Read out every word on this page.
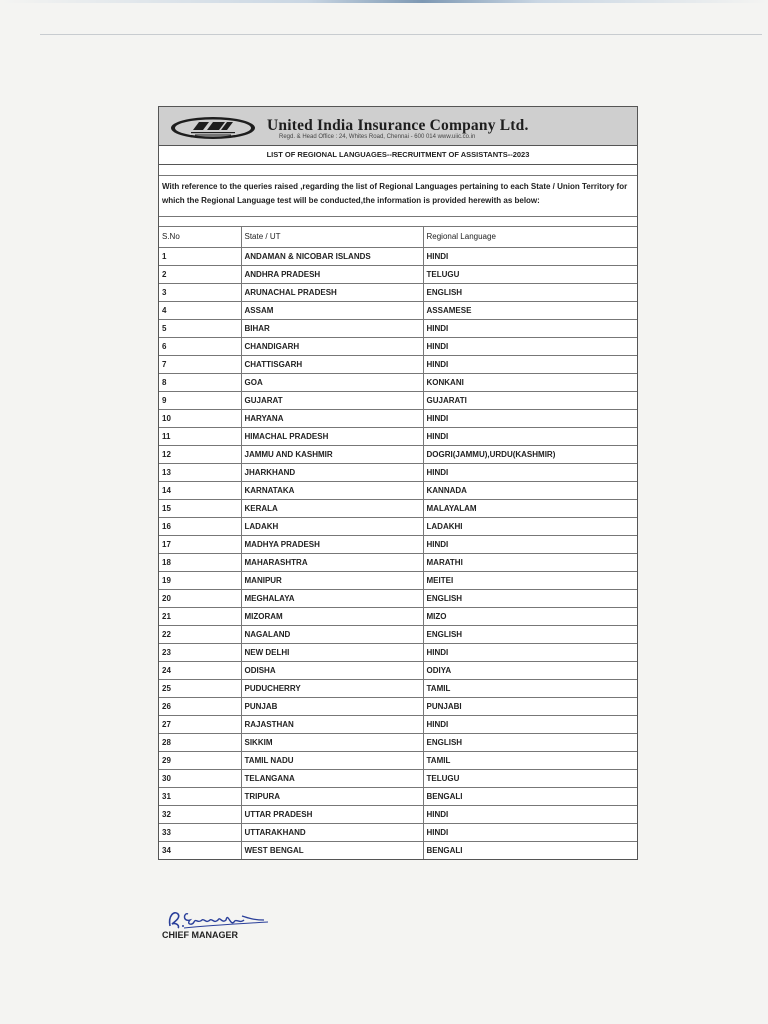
United India Insurance Company Ltd.
Regd. & Head Office : 24, Whites Road, Chennai - 600 014 www.uiic.co.in
LIST OF REGIONAL LANGUAGES--RECRUITMENT OF ASSISTANTS--2023
With reference to the queries raised ,regarding the list of Regional Languages pertaining to each State / Union Territory for which the Regional Language test will be conducted,the information is provided herewith as below:
S.No	State / UT	Regional Language
1	ANDAMAN & NICOBAR ISLANDS	HINDI
2	ANDHRA PRADESH	TELUGU
3	ARUNACHAL PRADESH	ENGLISH
4	ASSAM	ASSAMESE
5	BIHAR	HINDI
6	CHANDIGARH	HINDI
7	CHATTISGARH	HINDI
8	GOA	KONKANI
9	GUJARAT	GUJARATI
10	HARYANA	HINDI
11	HIMACHAL PRADESH	HINDI
12	JAMMU AND KASHMIR	DOGRI(JAMMU),URDU(KASHMIR)
13	JHARKHAND	HINDI
14	KARNATAKA	KANNADA
15	KERALA	MALAYALAM
16	LADAKH	LADAKHI
17	MADHYA PRADESH	HINDI
18	MAHARASHTRA	MARATHI
19	MANIPUR	MEITEI
20	MEGHALAYA	ENGLISH
21	MIZORAM	MIZO
22	NAGALAND	ENGLISH
23	NEW DELHI	HINDI
24	ODISHA	ODIYA
25	PUDUCHERRY	TAMIL
26	PUNJAB	PUNJABI
27	RAJASTHAN	HINDI
28	SIKKIM	ENGLISH
29	TAMIL NADU	TAMIL
30	TELANGANA	TELUGU
31	TRIPURA	BENGALI
32	UTTAR PRADESH	HINDI
33	UTTARAKHAND	HINDI
34	WEST BENGAL	BENGALI
CHIEF MANAGER
